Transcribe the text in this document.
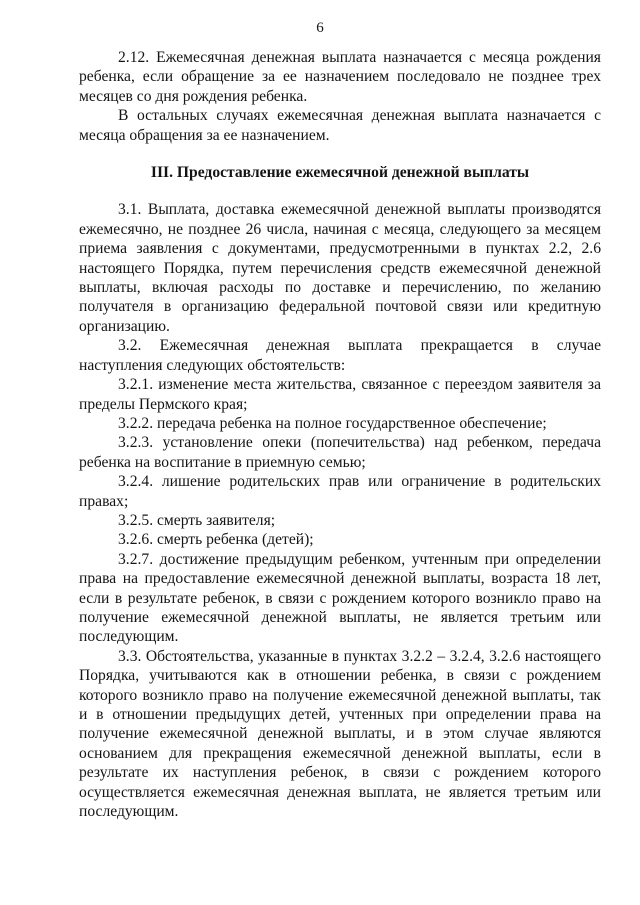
6

2.12. Ежемесячная денежная выплата назначается с месяца рождения ребенка, если обращение за ее назначением последовало не позднее трех месяцев со дня рождения ребенка.

В остальных случаях ежемесячная денежная выплата назначается с месяца обращения за ее назначением.

III. Предоставление ежемесячной денежной выплаты

3.1. Выплата, доставка ежемесячной денежной выплаты производятся ежемесячно, не позднее 26 числа, начиная с месяца, следующего за месяцем приема заявления с документами, предусмотренными в пунктах 2.2, 2.6 настоящего Порядка, путем перечисления средств ежемесячной денежной выплаты, включая расходы по доставке и перечислению, по желанию получателя в организацию федеральной почтовой связи или кредитную организацию.

3.2. Ежемесячная денежная выплата прекращается в случае наступления следующих обстоятельств:

3.2.1. изменение места жительства, связанное с переездом заявителя за пределы Пермского края;

3.2.2. передача ребенка на полное государственное обеспечение;

3.2.3. установление опеки (попечительства) над ребенком, передача ребенка на воспитание в приемную семью;

3.2.4. лишение родительских прав или ограничение в родительских правах;

3.2.5. смерть заявителя;

3.2.6. смерть ребенка (детей);

3.2.7. достижение предыдущим ребенком, учтенным при определении права на предоставление ежемесячной денежной выплаты, возраста 18 лет, если в результате ребенок, в связи с рождением которого возникло право на получение ежемесячной денежной выплаты, не является третьим или последующим.

3.3. Обстоятельства, указанные в пунктах 3.2.2 – 3.2.4, 3.2.6 настоящего Порядка, учитываются как в отношении ребенка, в связи с рождением которого возникло право на получение ежемесячной денежной выплаты, так и в отношении предыдущих детей, учтенных при определении права на получение ежемесячной денежной выплаты, и в этом случае являются основанием для прекращения ежемесячной денежной выплаты, если в результате их наступления ребенок, в связи с рождением которого осуществляется ежемесячная денежная выплата, не является третьим или последующим.
